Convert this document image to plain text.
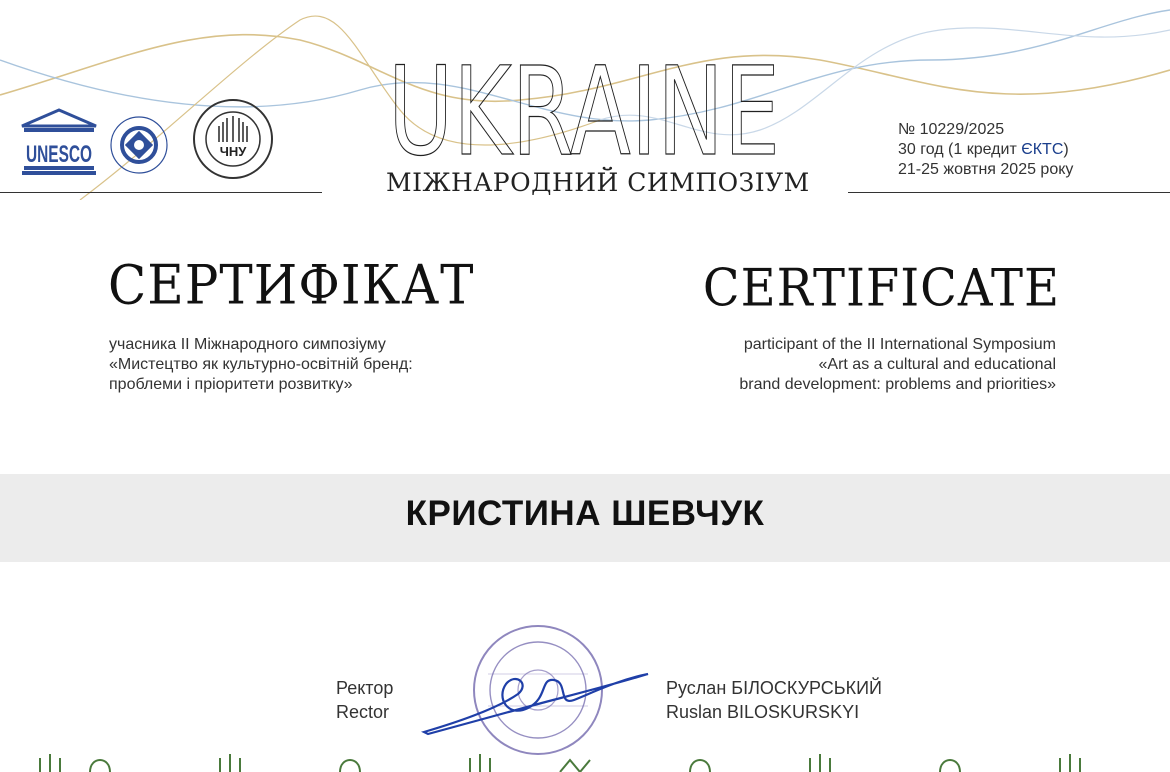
UNESCO	ЧНУ UKRAINE
МІЖНАРОДНИЙ СИМПОЗІУМ
№ 10229/2025
30 год (1 кредит ЄКТС)
21-25 жовтня 2025 року
СЕРТИФІКАТ	CERTIFICATE
учасника ІІ Міжнародного симпозіуму
«Мистецтво як культурно-освітній бренд:
проблеми і пріоритети розвитку»
participant of the II International Symposium
«Art as a cultural and educational
brand development: problems and priorities»
КРИСТИНА ШЕВЧУК
Ректор
Rector
Руслан БІЛОСКУРСЬКИЙ
Ruslan BILOSKURSKYI
